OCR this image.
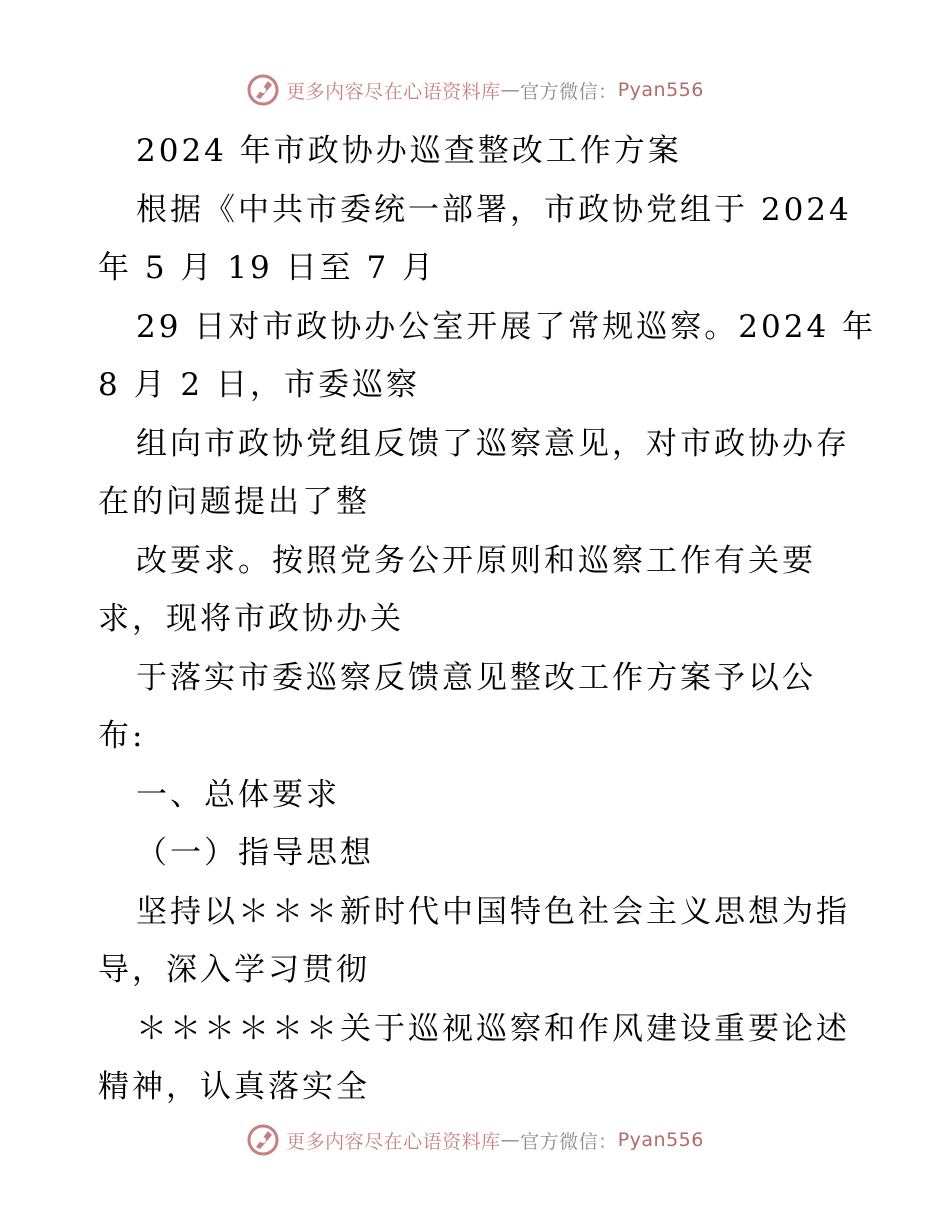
更多内容尽在心语资料库 — 官方微信： Pyan556
2024 年市政协办巡查整改工作方案
根据《中共市委统一部署，市政协党组于 2024
年 5 月 19 日至 7 月
29 日对市政协办公室开展了常规巡察。2024 年
8 月 2 日，市委巡察
组向市政协党组反馈了巡察意见，对市政协办存
在的问题提出了整
改要求。按照党务公开原则和巡察工作有关要
求，现将市政协办关
于落实市委巡察反馈意见整改工作方案予以公
布:
一、总体要求
（一）指导思想
坚持以＊＊＊新时代中国特色社会主义思想为指
导，深入学习贯彻
＊＊＊＊＊＊关于巡视巡察和作风建设重要论述
精神，认真落实全
更多内容尽在心语资料库 — 官方微信： Pyan556
